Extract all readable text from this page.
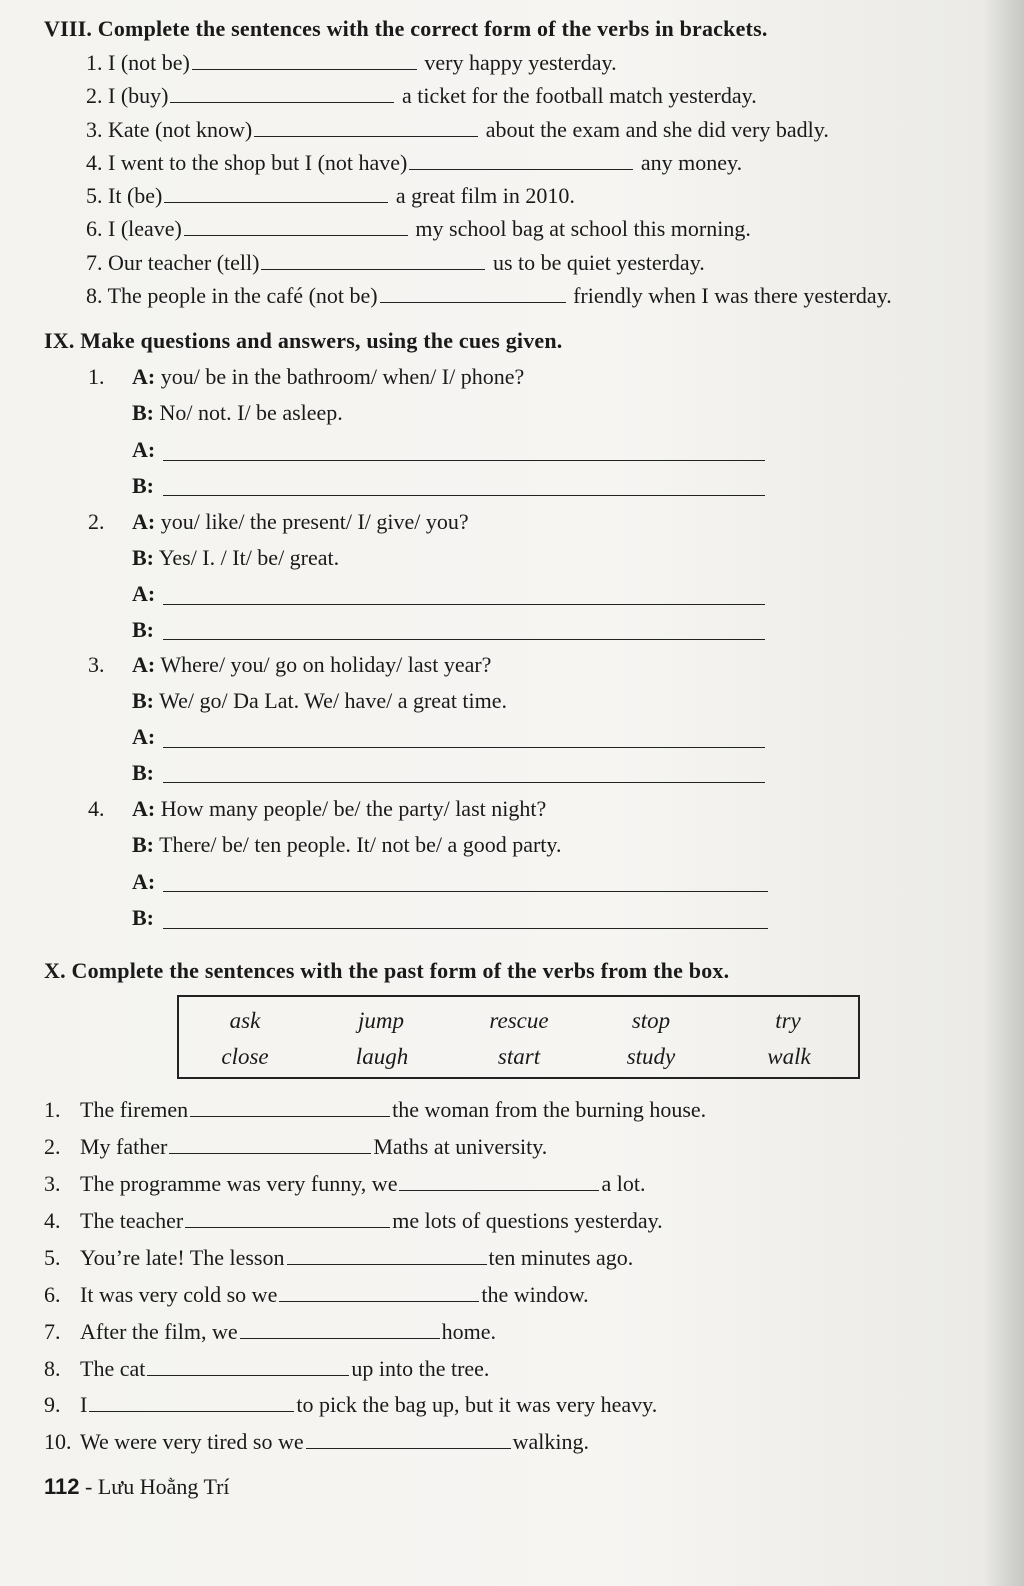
VIII. Complete the sentences with the correct form of the verbs in brackets.
1. I (not be)	very happy yesterday.
2. I (buy)	a ticket for the football match yesterday.
3. Kate (not know)	about the exam and she did very badly.
4. I went to the shop but I (not have)	any money.
5. It (be)	a great film in 2010.
6. I (leave)	my school bag at school this morning.
7. Our teacher (tell)	us to be quiet yesterday.
8. The people in the café (not be)	friendly when I was there yesterday.
IX. Make questions and answers, using the cues given.
1. A: you/ be in the bathroom/ when/ I/ phone?
B: No/ not. I/ be asleep.
A:
B:
2. A: you/ like/ the present/ I/ give/ you?
B: Yes/ I. / It/ be/ great.
A:
B:
3. A: Where/ you/ go on holiday/ last year?
B: We/ go/ Da Lat. We/ have/ a great time.
A:
B:
4. A: How many people/ be/ the party/ last night?
B: There/ be/ ten people. It/ not be/ a good party.
A:
B:
X. Complete the sentences with the past form of the verbs from the box.
ask	jump	rescue	stop	try
close	laugh	start	study	walk
1. The firemen	the woman from the burning house.
2. My father	Maths at university.
3. The programme was very funny, we	a lot.
4. The teacher	me lots of questions yesterday.
5. You’re late! The lesson	ten minutes ago.
6. It was very cold so we	the window.
7. After the film, we	home.
8. The cat	up into the tree.
9. I	to pick the bag up, but it was very heavy.
10. We were very tired so we	walking.
112 - Lưu Hoằng Trí
